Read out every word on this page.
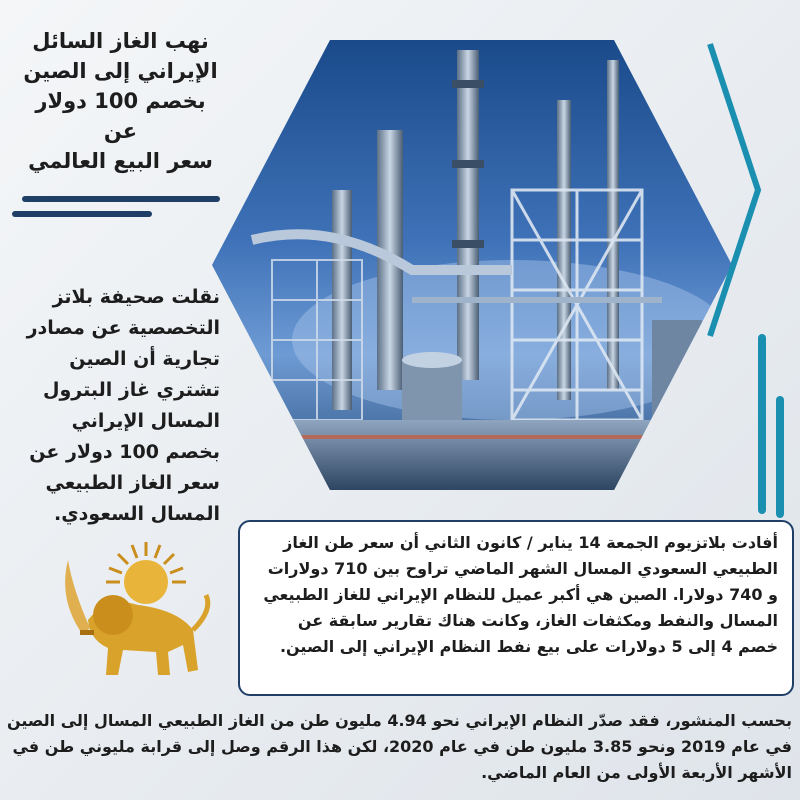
نهب الغاز السائل
الإيراني إلى الصين
بخصم 100 دولار عن
سعر البيع العالمي
نقلت صحيفة بلاتز التخصصية عن مصادر تجارية أن الصين تشتري غاز البترول المسال الإيراني بخصم 100 دولار عن سعر الغاز الطبيعي المسال السعودي.
أفادت بلاتزيوم الجمعة 14 يناير / كانون الثاني أن سعر طن الغاز الطبيعي السعودي المسال الشهر الماضي تراوح بين 710 دولارات و 740 دولارا. الصين هي أكبر عميل للنظام الإيراني للغاز الطبيعي المسال والنفط ومكثفات الغاز، وكانت هناك تقارير سابقة عن خصم 4 إلى 5 دولارات على بيع نفط النظام الإيراني إلى الصين.
بحسب المنشور، فقد صدّر النظام الإيراني نحو 4.94 مليون طن من الغاز الطبيعي المسال إلى الصين في عام 2019 ونحو 3.85 مليون طن في عام 2020، لكن هذا الرقم وصل إلى قرابة مليوني طن في الأشهر الأربعة الأولى من العام الماضي.
